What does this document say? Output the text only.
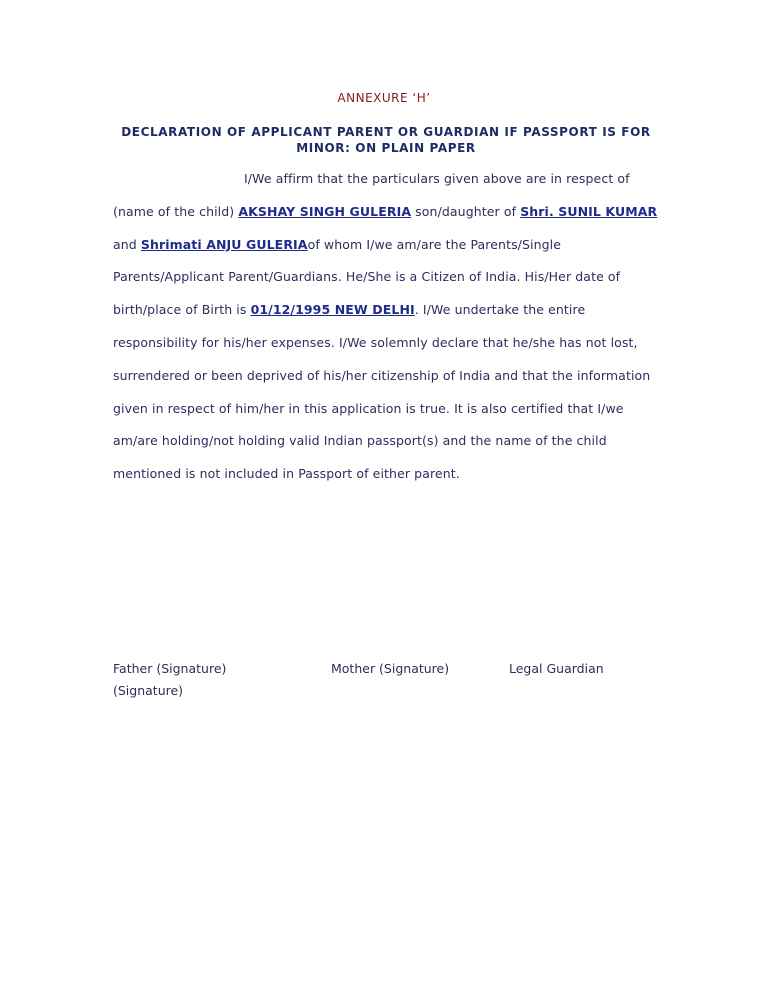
ANNEXURE ‘H’
DECLARATION OF APPLICANT PARENT OR GUARDIAN IF PASSPORT IS FOR MINOR: ON PLAIN PAPER
I/We affirm that the particulars given above are in respect of (name of the child) AKSHAY SINGH GULERIA son/daughter of Shri. SUNIL KUMAR and Shrimati ANJU GULERIAof whom I/we am/are the Parents/Single Parents/Applicant Parent/Guardians. He/She is a Citizen of India. His/Her date of birth/place of Birth is 01/12/1995 NEW DELHI. I/We undertake the entire responsibility for his/her expenses. I/We solemnly declare that he/she has not lost, surrendered or been deprived of his/her citizenship of India and that the information given in respect of him/her in this application is true. It is also certified that I/we am/are holding/not holding valid Indian passport(s) and the name of the child mentioned is not included in Passport of either parent.
Father (Signature)	Mother (Signature)	Legal Guardian
(Signature)
